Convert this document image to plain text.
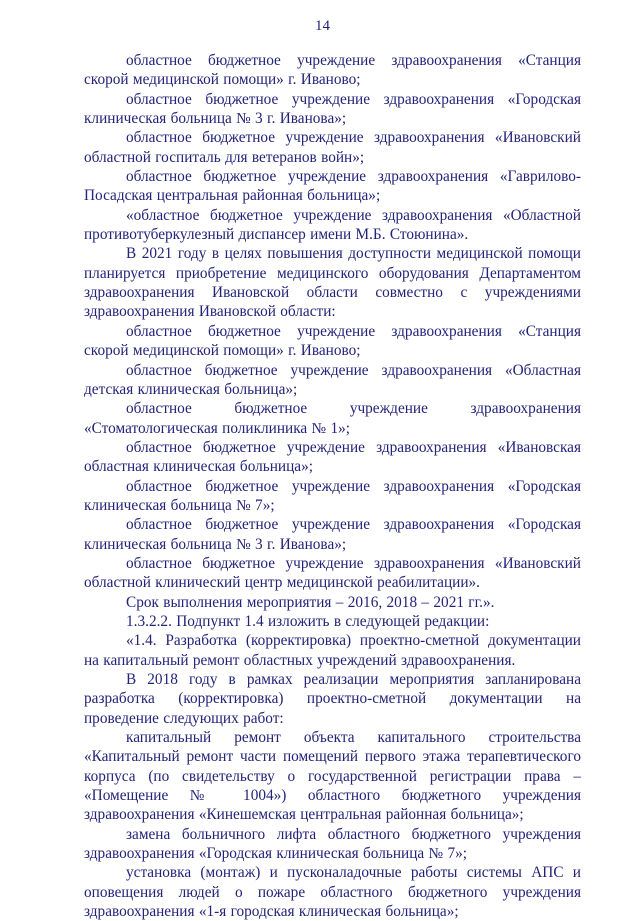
14

областное бюджетное учреждение здравоохранения «Станция скорой медицинской помощи» г. Иваново;

областное бюджетное учреждение здравоохранения «Городская клиническая больница № 3 г. Иванова»;

областное бюджетное учреждение здравоохранения «Ивановский областной госпиталь для ветеранов войн»;

областное бюджетное учреждение здравоохранения «Гаврилово-Посадская центральная районная больница»;

«областное бюджетное учреждение здравоохранения «Областной противотуберкулезный диспансер имени М.Б. Стоюнина».

В 2021 году в целях повышения доступности медицинской помощи планируется приобретение медицинского оборудования Департаментом здравоохранения Ивановской области совместно с учреждениями здравоохранения Ивановской области:

областное бюджетное учреждение здравоохранения «Станция скорой медицинской помощи» г. Иваново;

областное бюджетное учреждение здравоохранения «Областная детская клиническая больница»;

областное бюджетное учреждение здравоохранения «Стоматологическая поликлиника № 1»;

областное бюджетное учреждение здравоохранения «Ивановская областная клиническая больница»;

областное бюджетное учреждение здравоохранения «Городская клиническая больница № 7»;

областное бюджетное учреждение здравоохранения «Городская клиническая больница № 3 г. Иванова»;

областное бюджетное учреждение здравоохранения «Ивановский областной клинический центр медицинской реабилитации».

Срок выполнения мероприятия – 2016, 2018 – 2021 гг.».

1.3.2.2. Подпункт 1.4 изложить в следующей редакции:

«1.4. Разработка (корректировка) проектно-сметной документации на капитальный ремонт областных учреждений здравоохранения.

В 2018 году в рамках реализации мероприятия запланирована разработка (корректировка) проектно-сметной документации на проведение следующих работ:

капитальный ремонт объекта капитального строительства «Капитальный ремонт части помещений первого этажа терапевтического корпуса (по свидетельству о государственной регистрации права – «Помещение № 1004») областного бюджетного учреждения здравоохранения «Кинешемская центральная районная больница»;

замена больничного лифта областного бюджетного учреждения здравоохранения «Городская клиническая больница № 7»;

установка (монтаж) и пусконаладочные работы системы АПС и оповещения людей о пожаре областного бюджетного учреждения здравоохранения «1-я городская клиническая больница»;
